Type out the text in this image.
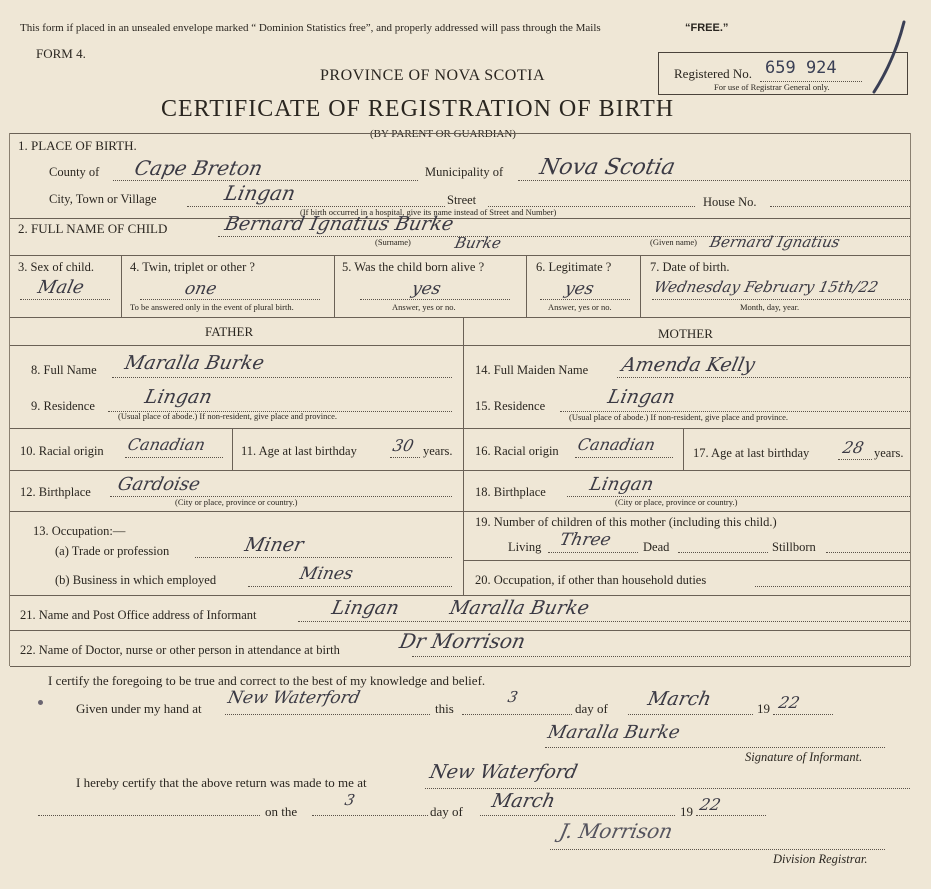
This form if placed in an unsealed envelope marked “ Dominion Statistics free”, and properly addressed will pass through the Mails	“FREE.”
FORM 4.
PROVINCE OF NOVA SCOTIA
CERTIFICATE OF REGISTRATION OF BIRTH
(BY PARENT OR GUARDIAN)
Registered No. 659 924
For use of Registrar General only.
1. PLACE OF BIRTH.
County of Cape Breton	Municipality of Nova Scotia
City, Town or Village	Lingan	Street	House No.
(If birth occurred in a hospital, give its name instead of Street and Number)
2. FULL NAME OF CHILD	Bernard Ignatius Burke
(Surname)	Burke	(Given name) Bernard Ignatius
3. Sex of child.
Male
4. Twin, triplet or other ?
one
To be answered only in the event of plural birth.
5. Was the child born alive ?
yes
Answer, yes or no.
6. Legitimate ?
yes
Answer, yes or no.
7. Date of birth.
Wednesday February 15th/22
Month, day, year.
FATHER	MOTHER
8. Full Name Maralla Burke	14. Full Maiden Name Amenda Kelly
9. Residence	Lingan
(Usual place of abode.) If non-resident, give place and province.
15. Residence	Lingan
(Usual place of abode.) If non-resident, give place and province.
10. Racial origin Canadian	11. Age at last birthday 30 years. 16. Racial origin Canadian	17. Age at last birthday 28 years.
12. Birthplace Gardoise
(City or place, province or country.)
18. Birthplace Lingan
(City or place, province or country.)
13. Occupation:—
(a) Trade or profession	Miner
(b) Business in which employed	Mines
19. Number of children of this mother (including this child.)
Living Three Dead	Stillborn
20. Occupation, if other than household duties
21. Name and Post Office address of Informant	Lingan Maralla Burke
22. Name of Doctor, nurse or other person in attendance at birth	Dr Morrison
I certify the foregoing to be true and correct to the best of my knowledge and belief.
Given under my hand at
New Waterford
this
3
day of March	19 22
Maralla Burke
Signature of Informant.
I hereby certify that the above return was made to me at	New Waterford
on the
3
day of March	19 22
J. Morrison
Division Registrar.
